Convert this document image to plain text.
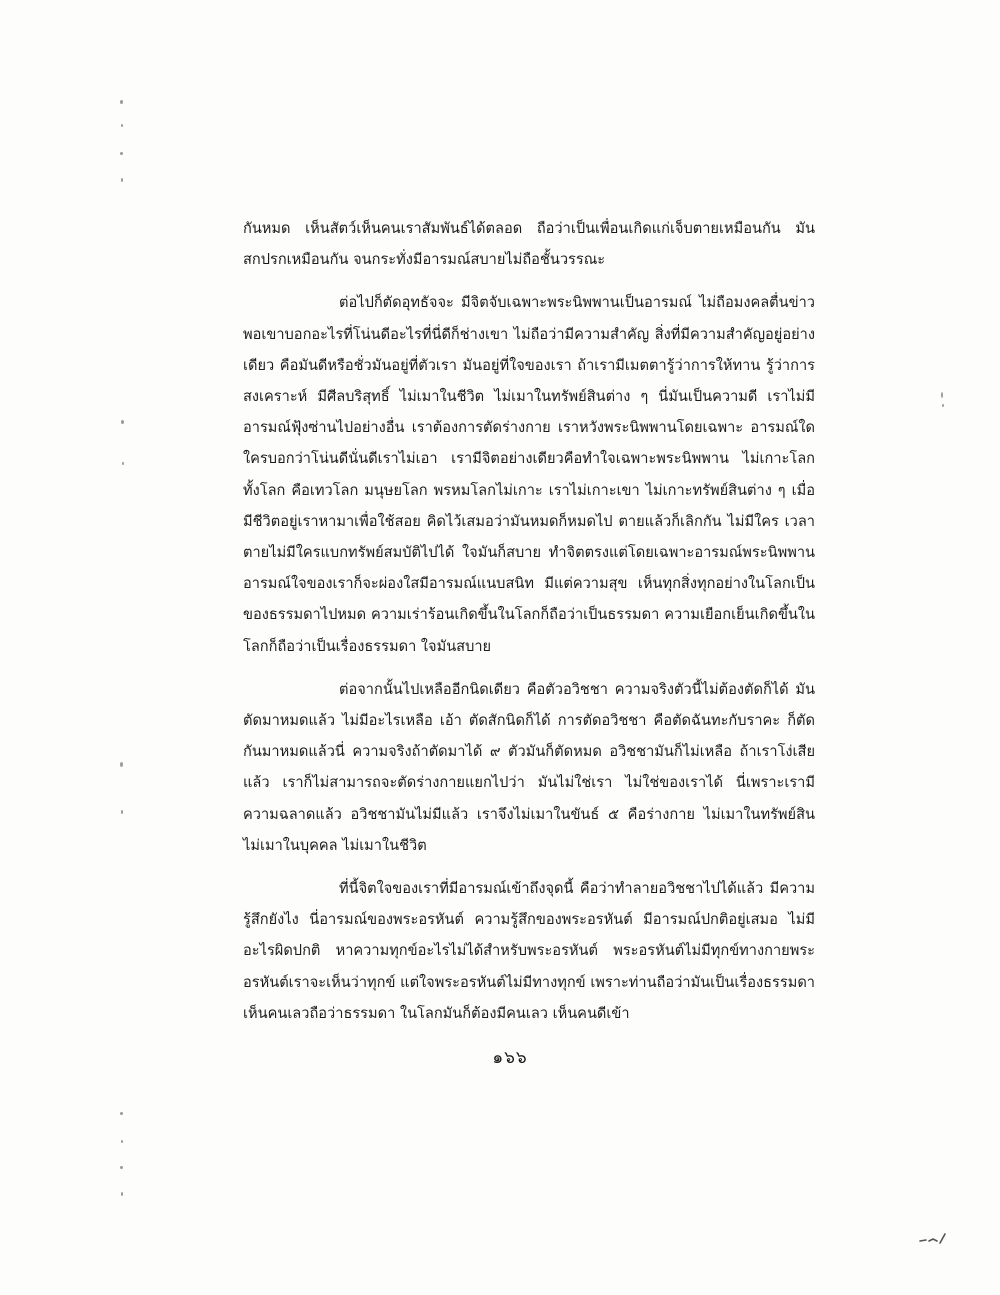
กันหมด เห็นสัตว์เห็นคนเราสัมพันธ์ได้ตลอด ถือว่าเป็นเพื่อนเกิดแก่เจ็บตายเหมือนกัน มันสกปรกเหมือนกัน จนกระทั่งมีอารมณ์สบายไม่ถือชั้นวรรณะ

ต่อไปก็ตัดอุทธัจจะ มีจิตจับเฉพาะพระนิพพานเป็นอารมณ์ ไม่ถือมงคลตื่นข่าว พอเขาบอกอะไรที่โน่นดีอะไรที่นี่ดีก็ช่างเขา ไม่ถือว่ามีความสำคัญ สิ่งที่มีความสำคัญอยู่อย่างเดียว คือมันดีหรือชั่วมันอยู่ที่ตัวเรา มันอยู่ที่ใจของเรา ถ้าเรามีเมตตารู้ว่าการให้ทาน รู้ว่าการสงเคราะห์ มีศีลบริสุทธิ์ ไม่เมาในชีวิต ไม่เมาในทรัพย์สินต่าง ๆ นี่มันเป็นความดี เราไม่มีอารมณ์ฟุ้งซ่านไปอย่างอื่น เราต้องการตัดร่างกาย เราหวังพระนิพพานโดยเฉพาะ อารมณ์ใดใครบอกว่าโน่นดีนั่นดีเราไม่เอา เรามีจิตอย่างเดียวคือทำใจเฉพาะพระนิพพาน ไม่เกาะโลก ทั้งโลก คือเทวโลก มนุษยโลก พรหมโลกไม่เกาะ เราไม่เกาะเขา ไม่เกาะทรัพย์สินต่าง ๆ เมื่อมีชีวิตอยู่เราหามาเพื่อใช้สอย คิดไว้เสมอว่ามันหมดก็หมดไป ตายแล้วก็เลิกกัน ไม่มีใคร เวลาตายไม่มีใครแบกทรัพย์สมบัติไปได้ ใจมันก็สบาย ทำจิตตรงแต่โดยเฉพาะอารมณ์พระนิพพาน อารมณ์ใจของเราก็จะผ่องใสมีอารมณ์แนบสนิท มีแต่ความสุข เห็นทุกสิ่งทุกอย่างในโลกเป็นของธรรมดาไปหมด ความเร่าร้อนเกิดขึ้นในโลกก็ถือว่าเป็นธรรมดา ความเยือกเย็นเกิดขึ้นในโลกก็ถือว่าเป็นเรื่องธรรมดา ใจมันสบาย

ต่อจากนั้นไปเหลืออีกนิดเดียว คือตัวอวิชชา ความจริงตัวนี้ไม่ต้องตัดก็ได้ มันตัดมาหมดแล้ว ไม่มีอะไรเหลือ เอ้า ตัดสักนิดก็ได้ การตัดอวิชชา คือตัดฉันทะกับราคะ ก็ตัดกันมาหมดแล้วนี่ ความจริงถ้าตัดมาได้ ๙ ตัวมันก็ตัดหมด อวิชชามันก็ไม่เหลือ ถ้าเราโง่เสียแล้ว เราก็ไม่สามารถจะตัดร่างกายแยกไปว่า มันไม่ใช่เรา ไม่ใช่ของเราได้ นี่เพราะเรามีความฉลาดแล้ว อวิชชามันไม่มีแล้ว เราจึงไม่เมาในขันธ์ ๕ คือร่างกาย ไม่เมาในทรัพย์สิน ไม่เมาในบุคคล ไม่เมาในชีวิต

ที่นี้จิตใจของเราที่มีอารมณ์เข้าถึงจุดนี้ คือว่าทำลายอวิชชาไปได้แล้ว มีความรู้สึกยังไง นี่อารมณ์ของพระอรหันต์ ความรู้สึกของพระอรหันต์ มีอารมณ์ปกติอยู่เสมอ ไม่มีอะไรผิดปกติ หาความทุกข์อะไรไม่ได้สำหรับพระอรหันต์ พระอรหันต์ไม่มีทุกข์ทางกายพระอรหันต์เราจะเห็นว่าทุกข์ แต่ใจพระอรหันต์ไม่มีทางทุกข์ เพราะท่านถือว่ามันเป็นเรื่องธรรมดา เห็นคนเลวถือว่าธรรมดา ในโลกมันก็ต้องมีคนเลว เห็นคนดีเข้า

๑๖๖
